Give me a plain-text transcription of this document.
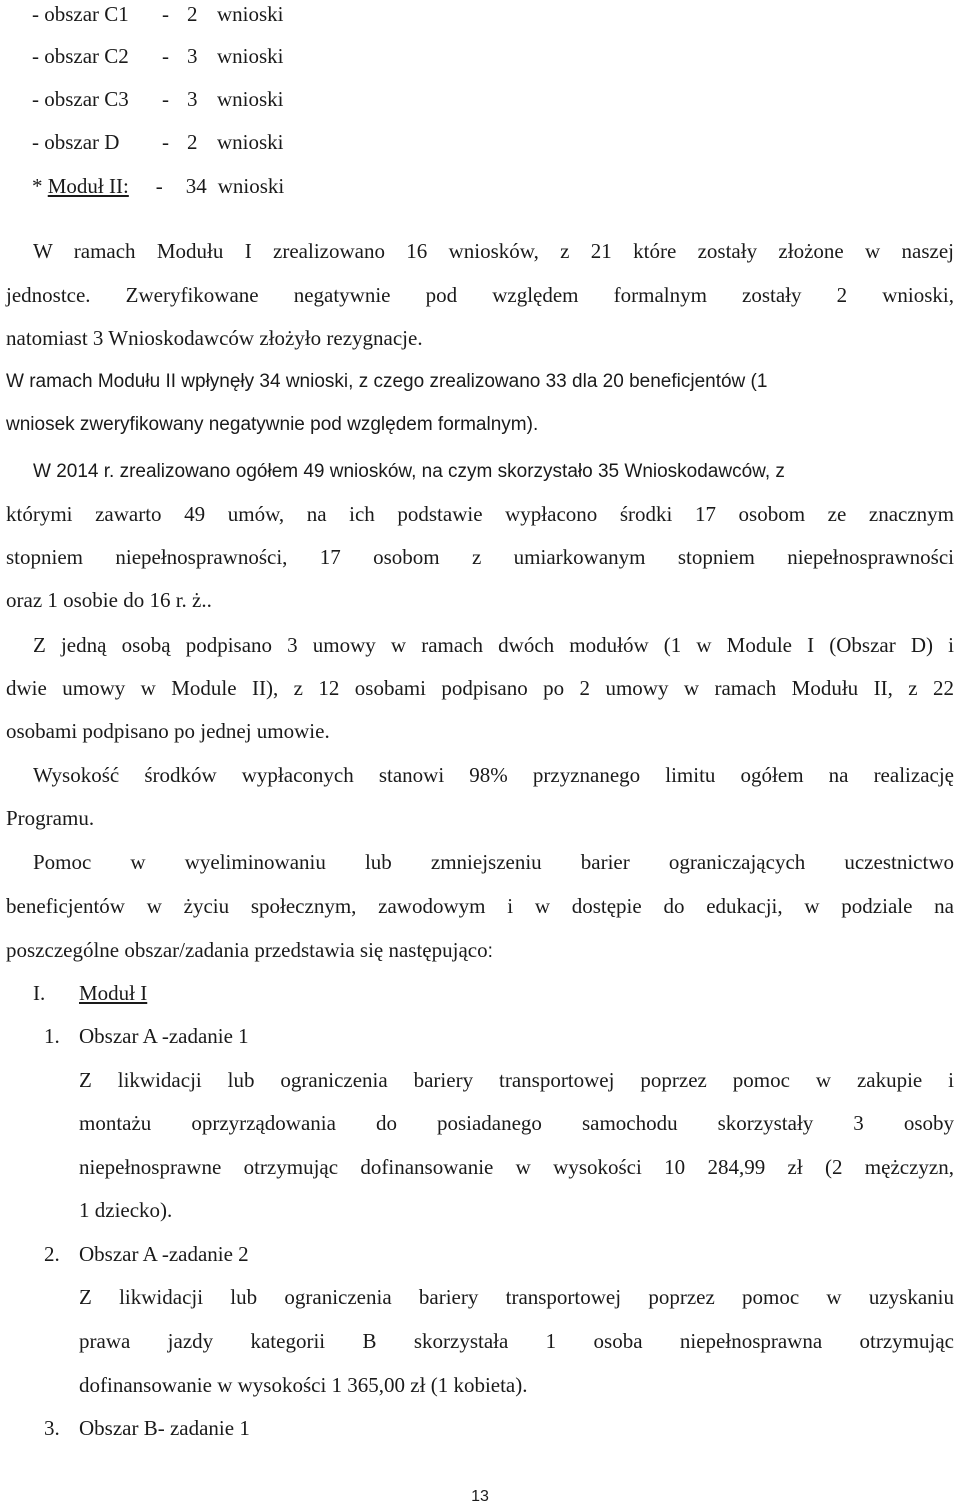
- obszar C1 - 2 wnioski
- obszar C2 - 3 wnioski
- obszar C3 - 3 wnioski
- obszar D - 2 wnioski
* Moduł II: - 34 wnioski
W ramach Modułu I zrealizowano 16 wniosków, z 21 które zostały złożone w naszej
jednostce. Zweryfikowane negatywnie pod względem formalnym zostały 2 wnioski,
natomiast 3 Wnioskodawców złożyło rezygnacje.
W ramach Modułu II wpłynęły 34 wnioski, z czego zrealizowano 33 dla 20 beneficjentów (1
wniosek zweryfikowany negatywnie pod względem formalnym).
W 2014 r. zrealizowano ogółem 49 wniosków, na czym skorzystało 35 Wnioskodawców, z
którymi zawarto 49 umów, na ich podstawie wypłacono środki 17 osobom ze znacznym
stopniem niepełnosprawności, 17 osobom z umiarkowanym stopniem niepełnosprawności
oraz 1 osobie do 16 r. ż..
Z jedną osobą podpisano 3 umowy w ramach dwóch modułów (1 w Module I (Obszar D) i
dwie umowy w Module II), z 12 osobami podpisano po 2 umowy w ramach Modułu II, z 22
osobami podpisano po jednej umowie.
Wysokość środków wypłaconych stanowi 98% przyznanego limitu ogółem na realizację
Programu.
Pomoc w wyeliminowaniu lub zmniejszeniu barier ograniczających uczestnictwo
beneficjentów w życiu społecznym, zawodowym i w dostępie do edukacji, w podziale na
poszczególne obszar/zadania przedstawia się następująco:
I. Moduł I
1. Obszar A -zadanie 1
Z likwidacji lub ograniczenia bariery transportowej poprzez pomoc w zakupie i
montażu oprzyrządowania do posiadanego samochodu skorzystały 3 osoby
niepełnosprawne otrzymując dofinansowanie w wysokości 10 284,99 zł (2 mężczyzn,
1 dziecko).
2. Obszar A -zadanie 2
Z likwidacji lub ograniczenia bariery transportowej poprzez pomoc w uzyskaniu
prawa jazdy kategorii B skorzystała 1 osoba niepełnosprawna otrzymując
dofinansowanie w wysokości 1 365,00 zł (1 kobieta).
3. Obszar B- zadanie 1
13
